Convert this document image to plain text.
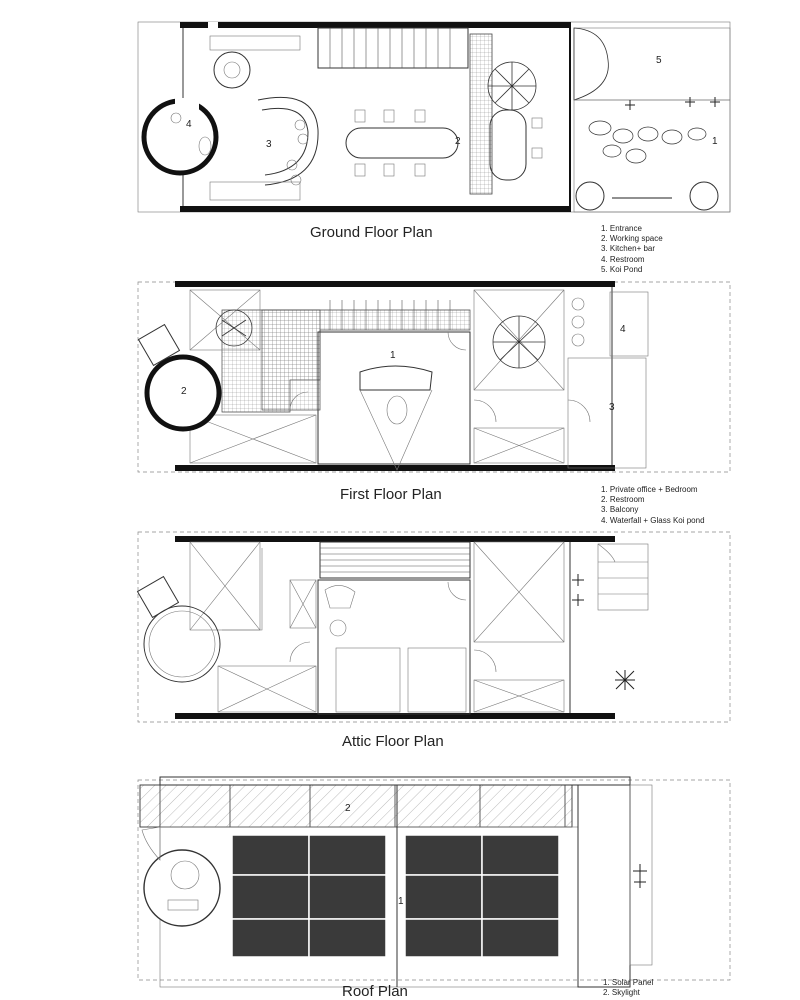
4
3	2
5
1
Ground Floor Plan	1. Entrance
2. Working space
3. Kitchen+ bar
4. Restroom
5. Koi Pond
1
2
3
4
First Floor Plan	1. Private office + Bedroom
2. Restroom
3. Balcony
4. Waterfall + Glass Koi pond
Attic Floor Plan
2
1
Roof Plan
1. Solar Panel
2. Skylight
